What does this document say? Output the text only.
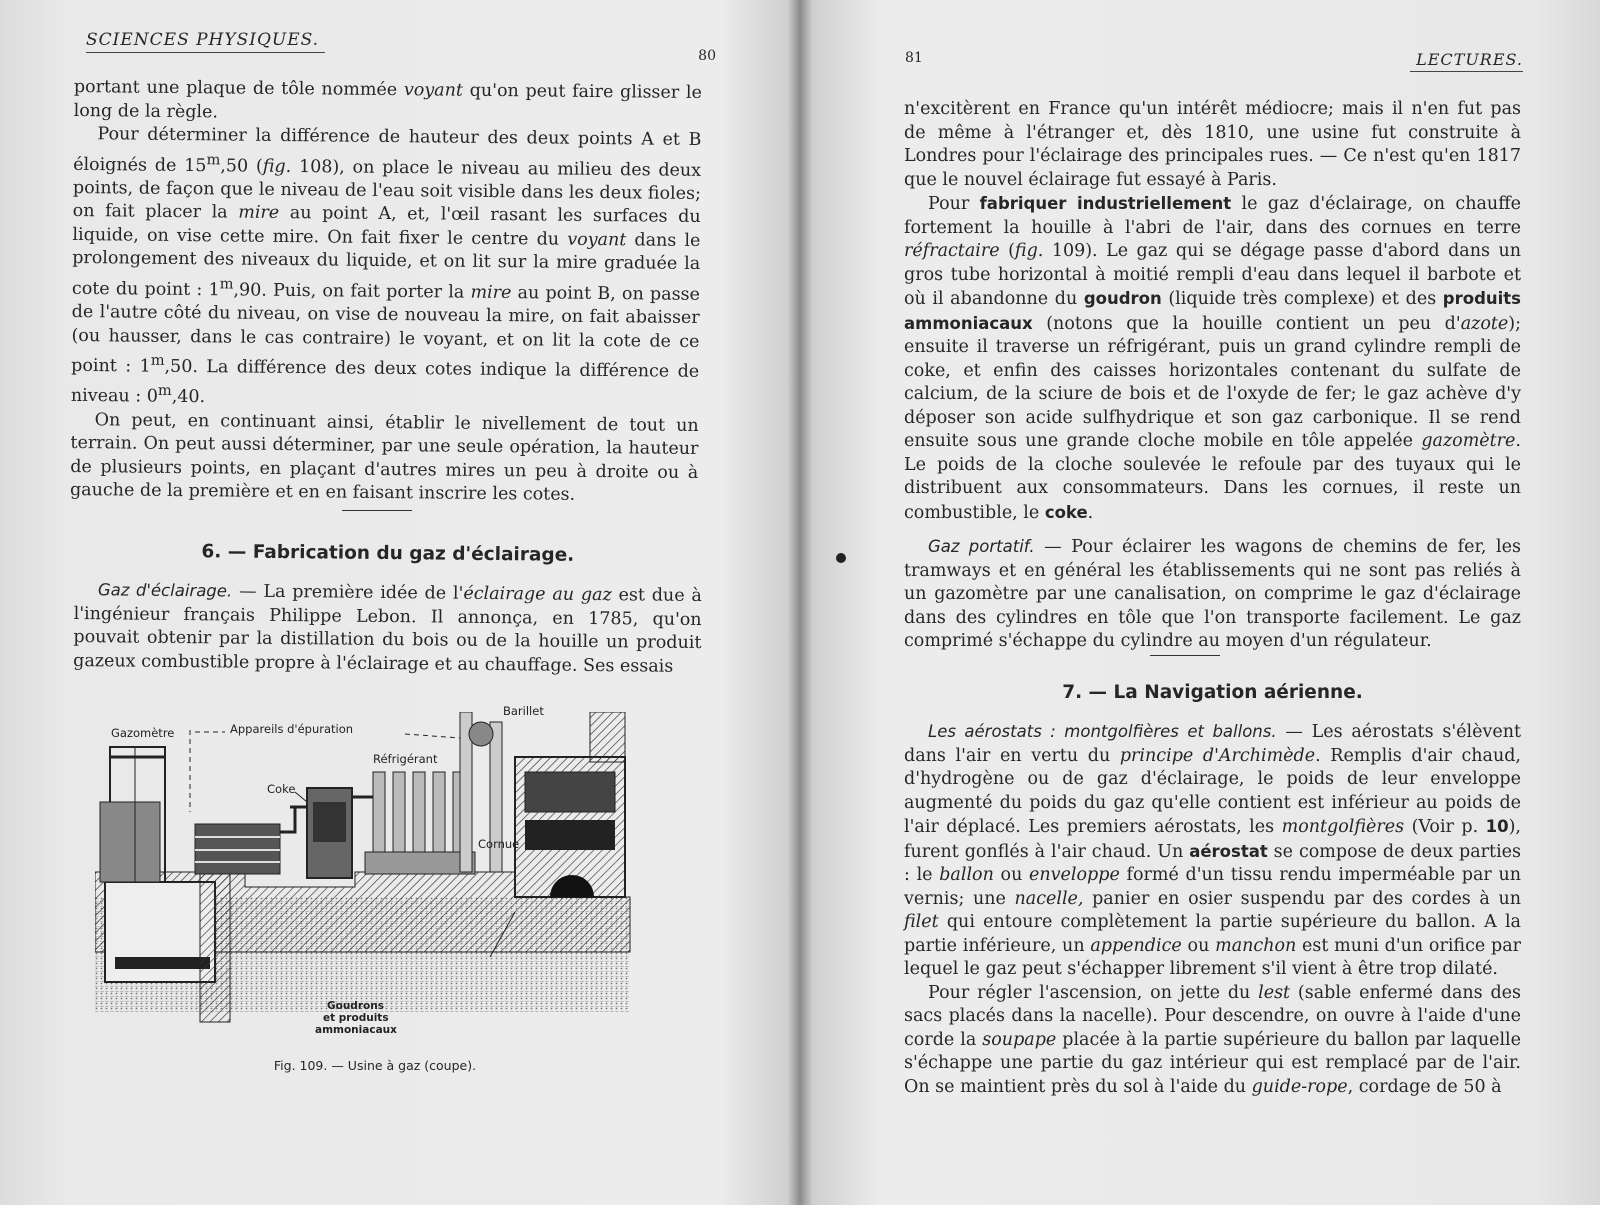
SCIENCES PHYSIQUES.
80

portant une plaque de tôle nommée voyant qu'on peut faire glisser le long de la règle.

Pour déterminer la différence de hauteur des deux points A et B éloignés de 15$^m$,50 (fig. 108), on place le niveau au milieu des deux points, de façon que le niveau de l'eau soit visible dans les deux fioles; on fait placer la mire au point A, et, l'œil rasant les surfaces du liquide, on vise cette mire. On fait fixer le centre du voyant dans le prolongement des niveaux du liquide, et on lit sur la mire graduée la cote du point : 1$^m$,90. Puis, on fait porter la mire au point B, on passe de l'autre côté du niveau, on vise de nouveau la mire, on fait abaisser (ou hausser, dans le cas contraire) le voyant, et on lit la cote de ce point : 1$^m$,50. La différence des deux cotes indique la différence de niveau : 0$^m$,40.

On peut, en continuant ainsi, établir le nivellement de tout un terrain. On peut aussi déterminer, par une seule opération, la hauteur de plusieurs points, en plaçant d'autres mires un peu à droite ou à gauche de la première et en en faisant inscrire les cotes.

6. — Fabrication du gaz d'éclairage.

Gaz d'éclairage. — La première idée de l'éclairage au gaz est due à l'ingénieur français Philippe Lebon. Il annonça, en 1785, qu'on pouvait obtenir par la distillation du bois ou de la houille un produit gazeux combustible propre à l'éclairage et au chauffage. Ses essais

Gazomètre	Appareils d'épuration
Barillet
Réfrigérant
Coke
Cornue
Goudrons
et produits
ammoniacaux
Fig. 109. — Usine à gaz (coupe).
81	LECTURES.

n'excitèrent en France qu'un intérêt médiocre; mais il n'en fut pas de même à l'étranger et, dès 1810, une usine fut construite à Londres pour l'éclairage des principales rues. — Ce n'est qu'en 1817 que le nouvel éclairage fut essayé à Paris.

Pour fabriquer industriellement le gaz d'éclairage, on chauffe fortement la houille à l'abri de l'air, dans des cornues en terre réfractaire (fig. 109). Le gaz qui se dégage passe d'abord dans un gros tube horizontal à moitié rempli d'eau dans lequel il barbote et où il abandonne du goudron (liquide très complexe) et des produits ammoniacaux (notons que la houille contient un peu d'azote); ensuite il traverse un réfrigérant, puis un grand cylindre rempli de coke, et enfin des caisses horizontales contenant du sulfate de calcium, de la sciure de bois et de l'oxyde de fer; le gaz achève d'y déposer son acide sulfhydrique et son gaz carbonique. Il se rend ensuite sous une grande cloche mobile en tôle appelée gazomètre. Le poids de la cloche soulevée le refoule par des tuyaux qui le distribuent aux consommateurs. Dans les cornues, il reste un combustible, le coke.

Gaz portatif. — Pour éclairer les wagons de chemins de fer, les tramways et en général les établissements qui ne sont pas reliés à un gazomètre par une canalisation, on comprime le gaz d'éclairage dans des cylindres en tôle que l'on transporte facilement. Le gaz comprimé s'échappe du cylindre au moyen d'un régulateur.

7. — La Navigation aérienne.

Les aérostats : montgolfières et ballons. — Les aérostats s'élèvent dans l'air en vertu du principe d'Archimède. Remplis d'air chaud, d'hydrogène ou de gaz d'éclairage, le poids de leur enveloppe augmenté du poids du gaz qu'elle contient est inférieur au poids de l'air déplacé. Les premiers aérostats, les montgolfières (Voir p. 10), furent gonflés à l'air chaud. Un aérostat se compose de deux parties : le ballon ou enveloppe formé d'un tissu rendu imperméable par un vernis; une nacelle, panier en osier suspendu par des cordes à un filet qui entoure complètement la partie supérieure du ballon. A la partie inférieure, un appendice ou manchon est muni d'un orifice par lequel le gaz peut s'échapper librement s'il vient à être trop dilaté.

Pour régler l'ascension, on jette du lest (sable enfermé dans des sacs placés dans la nacelle). Pour descendre, on ouvre à l'aide d'une corde la soupape placée à la partie supérieure du ballon par laquelle s'échappe une partie du gaz intérieur qui est remplacé par de l'air. On se maintient près du sol à l'aide du guide-rope, cordage de 50 à
